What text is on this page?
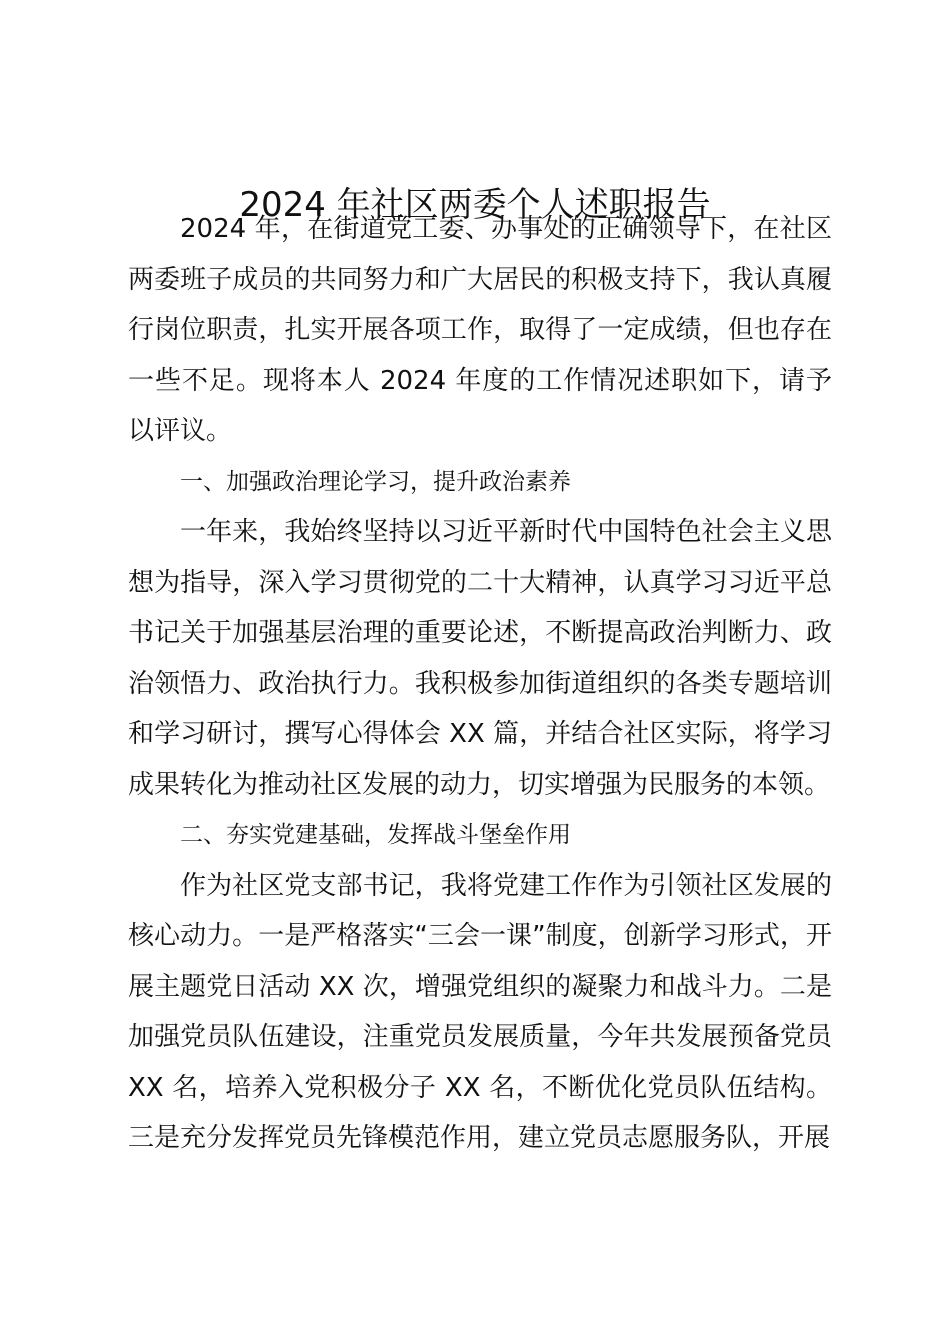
2024 年社区两委个人述职报告

2024 年，在街道党工委、办事处的正确领导下，在社区两委班子成员的共同努力和广大居民的积极支持下，我认真履行岗位职责，扎实开展各项工作，取得了一定成绩，但也存在一些不足。现将本人 2024 年度的工作情况述职如下，请予以评议。

一、加强政治理论学习，提升政治素养

一年来，我始终坚持以习近平新时代中国特色社会主义思想为指导，深入学习贯彻党的二十大精神，认真学习习近平总书记关于加强基层治理的重要论述，不断提高政治判断力、政治领悟力、政治执行力。我积极参加街道组织的各类专题培训和学习研讨，撰写心得体会 XX 篇，并结合社区实际，将学习成果转化为推动社区发展的动力，切实增强为民服务的本领。

二、夯实党建基础，发挥战斗堡垒作用

作为社区党支部书记，我将党建工作作为引领社区发展的核心动力。一是严格落实“三会一课”制度，创新学习形式，开展主题党日活动 XX 次，增强党组织的凝聚力和战斗力。二是加强党员队伍建设，注重党员发展质量，今年共发展预备党员 XX 名，培养入党积极分子 XX 名，不断优化党员队伍结构。三是充分发挥党员先锋模范作用，建立党员志愿服务队，开展
